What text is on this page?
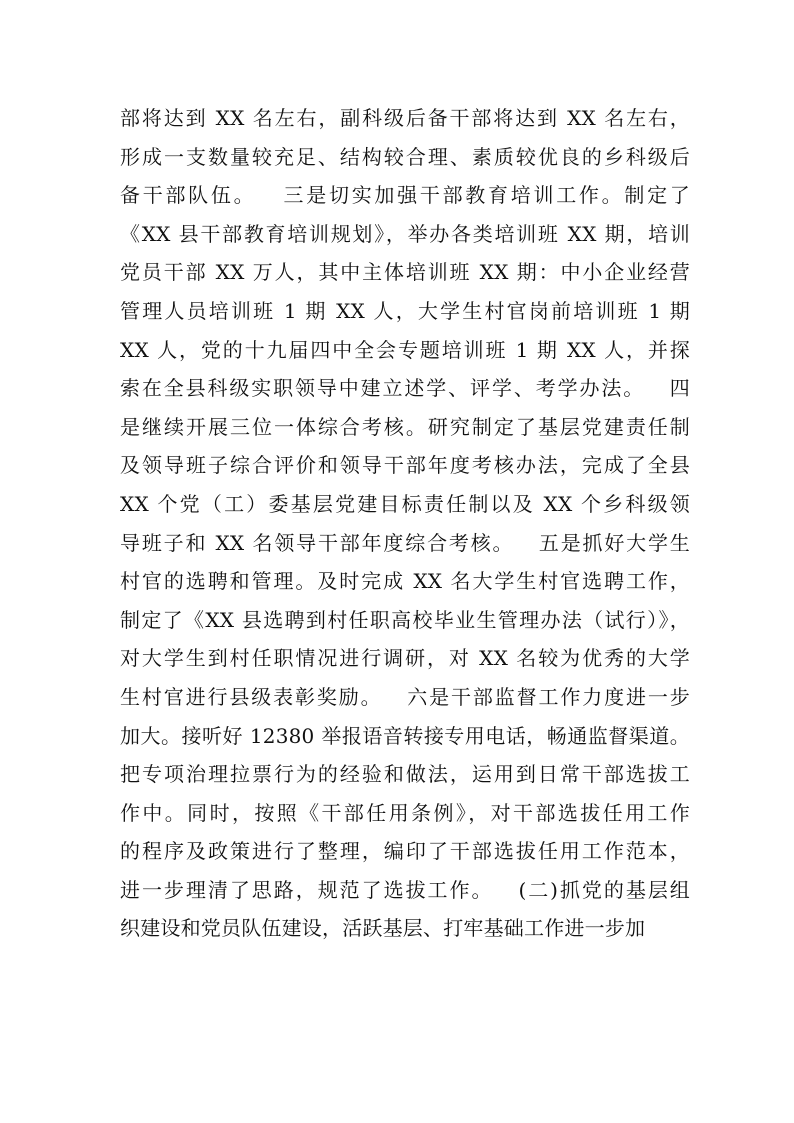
部将达到 XX 名左右，副科级后备干部将达到 XX 名左右，
形成一支数量较充足、结构较合理、素质较优良的乡科级后
备干部队伍。   三是切实加强干部教育培训工作。制定了
《XX 县干部教育培训规划》，举办各类培训班 XX 期，培训
党员干部 XX 万人，其中主体培训班 XX 期：中小企业经营
管理人员培训班 1 期 XX 人，大学生村官岗前培训班 1 期
XX 人，党的十九届四中全会专题培训班 1 期 XX 人，并探
索在全县科级实职领导中建立述学、评学、考学办法。   四
是继续开展三位一体综合考核。研究制定了基层党建责任制
及领导班子综合评价和领导干部年度考核办法，完成了全县
XX 个党（工）委基层党建目标责任制以及 XX 个乡科级领
导班子和 XX 名领导干部年度综合考核。   五是抓好大学生
村官的选聘和管理。及时完成 XX 名大学生村官选聘工作，
制定了《XX 县选聘到村任职高校毕业生管理办法（试行）》，
对大学生到村任职情况进行调研，对 XX 名较为优秀的大学
生村官进行县级表彰奖励。   六是干部监督工作力度进一步
加大。接听好 12380 举报语音转接专用电话，畅通监督渠道。
把专项治理拉票行为的经验和做法，运用到日常干部选拔工
作中。同时，按照《干部任用条例》，对干部选拔任用工作
的程序及政策进行了整理，编印了干部选拔任用工作范本，
进一步理清了思路，规范了选拔工作。   (二)抓党的基层组
织建设和党员队伍建设，活跃基层、打牢基础工作进一步加
